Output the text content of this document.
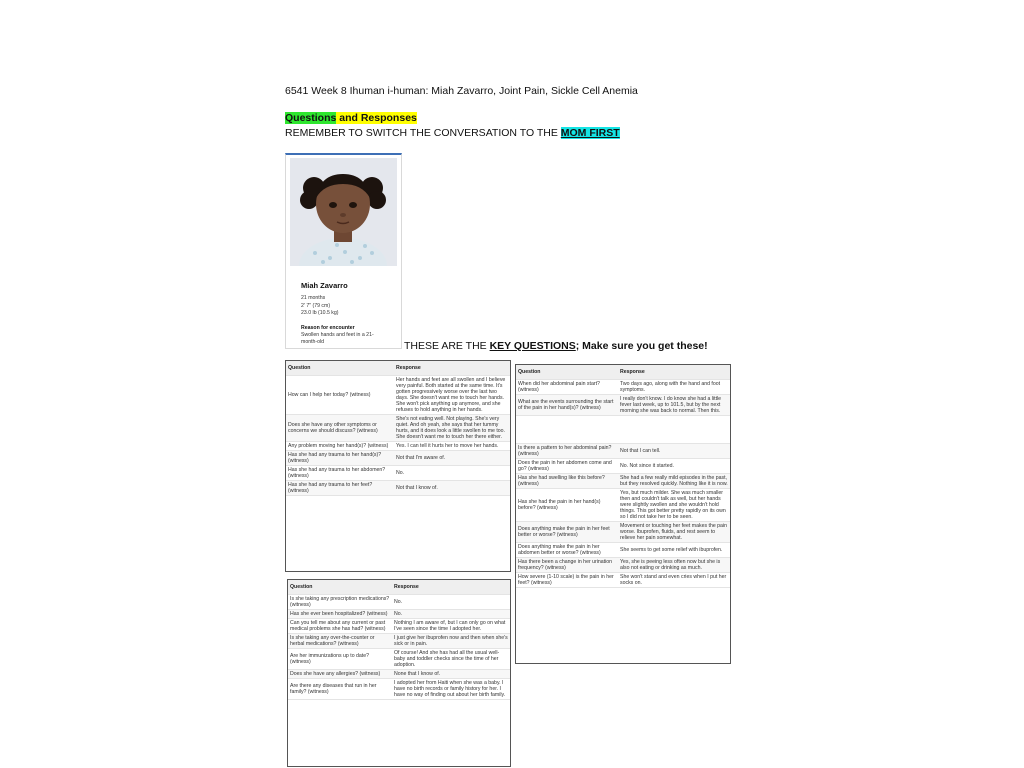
6541 Week 8 Ihuman i-human: Miah Zavarro, Joint Pain, Sickle Cell Anemia
Questions and Responses
REMEMBER TO SWITCH THE CONVERSATION TO THE MOM FIRST
Miah Zavarro
21 months
2' 7" (79 cm)
23.0 lb (10.5 kg)
Reason for encounter
Swollen hands and feet in a 21-
month-old	THESE ARE THE KEY QUESTIONS; Make sure you get these!
Question	Response
How can I help her today? (witness)	Her hands and feet are all swollen and I believe very painful. Both started at the same time. It's gotten progressively worse over the last two days. She doesn't want me to touch her hands. She won't pick anything up anymore, and she refuses to hold anything in her hands.
Does she have any other symptoms or concerns we should discuss? (witness)	She's not eating well. Not playing. She's very quiet. And oh yeah, she says that her tummy hurts, and it does look a little swollen to me too. She doesn't want me to touch her there either.
Any problem moving her hand(s)? (witness)	Yes. I can tell it hurts her to move her hands.
Has she had any trauma to her hand(s)? (witness)	Not that I'm aware of.
Has she had any trauma to her abdomen? (witness)	No.
Has she had any trauma to her feet? (witness)	Not that I know of.
Question	Response
Is she taking any prescription medications? (witness)	No.
Has she ever been hospitalized? (witness)	No.
Can you tell me about any current or past medical problems she has had? (witness)	Nothing I am aware of, but I can only go on what I've seen since the time I adopted her.
Is she taking any over-the-counter or herbal medications? (witness)	I just give her ibuprofen now and then when she's sick or in pain.
Are her immunizations up to date? (witness)	Of course! And she has had all the usual well-baby and toddler checks since the time of her adoption.
Does she have any allergies? (witness)	None that I know of.
Are there any diseases that run in her family? (witness)	I adopted her from Haiti when she was a baby. I have no birth records or family history for her. I have no way of finding out about her birth family.
Question	Response
When did her abdominal pain start? (witness)	Two days ago, along with the hand and foot symptoms.
What are the events surrounding the start of the pain in her hand(s)? (witness)	I really don't know. I do know she had a little fever last week, up to 101.5, but by the next morning she was back to normal. Then this.

Is there a pattern to her abdominal pain? (witness)	Not that I can tell.
Does the pain in her abdomen come and go? (witness)	No. Not since it started.
Has she had swelling like this before? (witness)	She had a few really mild episodes in the past, but they resolved quickly. Nothing like it is now.
Has she had the pain in her hand(s) before? (witness)	Yes, but much milder. She was much smaller then and couldn't talk as well, but her hands were slightly swollen and she wouldn't hold things. This got better pretty rapidly on its own so I did not take her to be seen.
Does anything make the pain in her feet better or worse? (witness)	Movement or touching her feet makes the pain worse. Ibuprofen, fluids, and rest seem to relieve her pain somewhat.
Does anything make the pain in her abdomen better or worse? (witness)	She seems to get some relief with ibuprofen.
Has there been a change in her urination frequency? (witness)	Yes, she is peeing less often now but she is also not eating or drinking as much.
How severe (1-10 scale) is the pain in her feet? (witness)	She won't stand and even cries when I put her socks on.
